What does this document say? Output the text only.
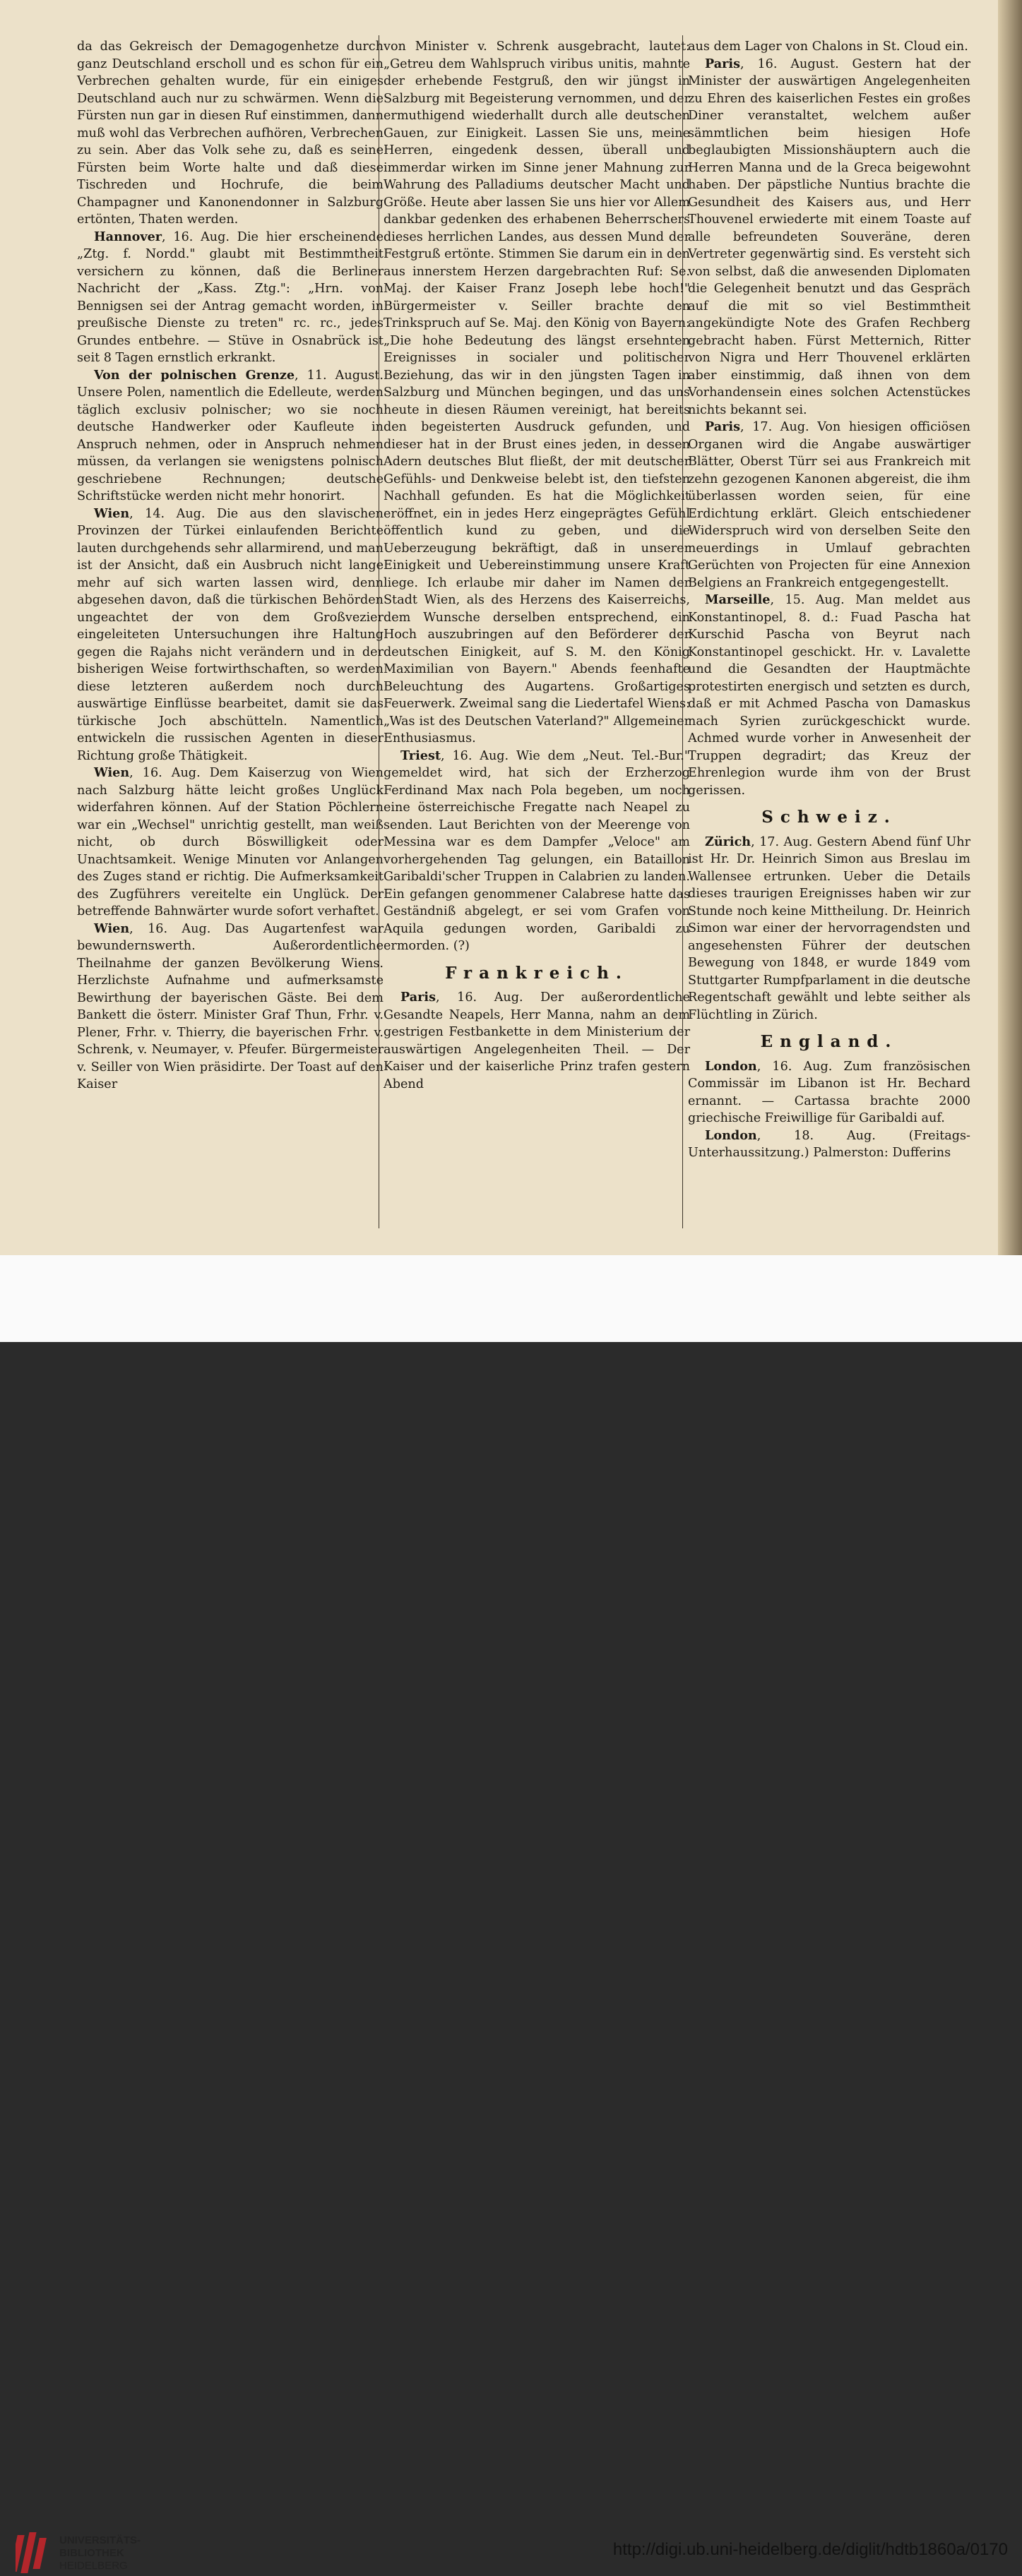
da das Gekreisch der Demagogenhetze durch ganz Deutschland erscholl und es schon für ein Verbrechen gehalten wurde, für ein einiges Deutschland auch nur zu schwärmen. Wenn die Fürsten nun gar in diesen Ruf einstimmen, dann muß wohl das Verbrechen aufhören, Verbrechen zu sein. Aber das Volk sehe zu, daß es seine Fürsten beim Worte halte und daß diese Tischreden und Hochrufe, die beim Champagner und Kanonendonner in Salzburg ertönten, Thaten werden.

Hannover, 16. Aug. Die hier erscheinende „Ztg. f. Nordd." glaubt mit Bestimmtheit versichern zu können, daß die Berliner Nachricht der „Kass. Ztg.": „Hrn. von Bennigsen sei der Antrag gemacht worden, in preußische Dienste zu treten" rc. rc., jedes Grundes entbehre. — Stüve in Osnabrück ist seit 8 Tagen ernstlich erkrankt.

Von der polnischen Grenze, 11. August. Unsere Polen, namentlich die Edelleute, werden täglich exclusiv polnischer; wo sie noch deutsche Handwerker oder Kaufleute in Anspruch nehmen, oder in Anspruch nehmen müssen, da verlangen sie wenigstens polnisch geschriebene Rechnungen; deutsche Schriftstücke werden nicht mehr honorirt.

Wien, 14. Aug. Die aus den slavischen Provinzen der Türkei einlaufenden Berichte lauten durchgehends sehr allarmirend, und man ist der Ansicht, daß ein Ausbruch nicht lange mehr auf sich warten lassen wird, denn abgesehen davon, daß die türkischen Behörden ungeachtet der von dem Großvezier eingeleiteten Untersuchungen ihre Haltung gegen die Rajahs nicht verändern und in der bisherigen Weise fortwirthschaften, so werden diese letzteren außerdem noch durch auswärtige Einflüsse bearbeitet, damit sie das türkische Joch abschütteln. Namentlich entwickeln die russischen Agenten in dieser Richtung große Thätigkeit.

Wien, 16. Aug. Dem Kaiserzug von Wien nach Salzburg hätte leicht großes Unglück widerfahren können. Auf der Station Pöchlern war ein „Wechsel" unrichtig gestellt, man weiß nicht, ob durch Böswilligkeit oder Unachtsamkeit. Wenige Minuten vor Anlangen des Zuges stand er richtig. Die Aufmerksamkeit des Zugführers vereitelte ein Unglück. Der betreffende Bahnwärter wurde sofort verhaftet.

Wien, 16. Aug. Das Augartenfest war bewundernswerth. Außerordentliche Theilnahme der ganzen Bevölkerung Wiens. Herzlichste Aufnahme und aufmerksamste Bewirthung der bayerischen Gäste. Bei dem Bankett die österr. Minister Graf Thun, Frhr. v. Plener, Frhr. v. Thierry, die bayerischen Frhr. v. Schrenk, v. Neumayer, v. Pfeufer. Bürgermeister v. Seiller von Wien präsidirte. Der Toast auf den Kaiser

von Minister v. Schrenk ausgebracht, lautet: „Getreu dem Wahlspruch viribus unitis, mahnte der erhebende Festgruß, den wir jüngst in Salzburg mit Begeisterung vernommen, und der ermuthigend wiederhallt durch alle deutschen Gauen, zur Einigkeit. Lassen Sie uns, meine Herren, eingedenk dessen, überall und immerdar wirken im Sinne jener Mahnung zur Wahrung des Palladiums deutscher Macht und Größe. Heute aber lassen Sie uns hier vor Allem dankbar gedenken des erhabenen Beherrschers dieses herrlichen Landes, aus dessen Mund der Festgruß ertönte. Stimmen Sie darum ein in den aus innerstem Herzen dargebrachten Ruf: Se. Maj. der Kaiser Franz Joseph lebe hoch!" Bürgermeister v. Seiller brachte den Trinkspruch auf Se. Maj. den König von Bayern: „Die hohe Bedeutung des längst ersehnten Ereignisses in socialer und politischer Beziehung, das wir in den jüngsten Tagen in Salzburg und München begingen, und das uns heute in diesen Räumen vereinigt, hat bereits den begeisterten Ausdruck gefunden, und dieser hat in der Brust eines jeden, in dessen Adern deutsches Blut fließt, der mit deutscher Gefühls- und Denkweise belebt ist, den tiefsten Nachhall gefunden. Es hat die Möglichkeit eröffnet, ein in jedes Herz eingeprägtes Gefühl öffentlich kund zu geben, und die Ueberzeugung bekräftigt, daß in unserer Einigkeit und Uebereinstimmung unsere Kraft liege. Ich erlaube mir daher im Namen der Stadt Wien, als des Herzens des Kaiserreichs, dem Wunsche derselben entsprechend, ein Hoch auszubringen auf den Beförderer der deutschen Einigkeit, auf S. M. den König Maximilian von Bayern." Abends feenhafte Beleuchtung des Augartens. Großartiges Feuerwerk. Zweimal sang die Liedertafel Wiens: „Was ist des Deutschen Vaterland?" Allgemeiner Enthusiasmus.

Triest, 16. Aug. Wie dem „Neut. Tel.-Bur." gemeldet wird, hat sich der Erzherzog Ferdinand Max nach Pola begeben, um noch eine österreichische Fregatte nach Neapel zu senden. Laut Berichten von der Meerenge von Messina war es dem Dampfer „Veloce" am vorhergehenden Tag gelungen, ein Bataillon Garibaldi'scher Truppen in Calabrien zu landen. Ein gefangen genommener Calabrese hatte das Geständniß abgelegt, er sei vom Grafen von Aquila gedungen worden, Garibaldi zu ermorden. (?)

Frankreich.

Paris, 16. Aug. Der außerordentliche Gesandte Neapels, Herr Manna, nahm an dem gestrigen Festbankette in dem Ministerium der auswärtigen Angelegenheiten Theil. — Der Kaiser und der kaiserliche Prinz trafen gestern Abend

aus dem Lager von Chalons in St. Cloud ein.

Paris, 16. August. Gestern hat der Minister der auswärtigen Angelegenheiten zu Ehren des kaiserlichen Festes ein großes Diner veranstaltet, welchem außer sämmtlichen beim hiesigen Hofe beglaubigten Missionshäuptern auch die Herren Manna und de la Greca beigewohnt haben. Der päpstliche Nuntius brachte die Gesundheit des Kaisers aus, und Herr Thouvenel erwiederte mit einem Toaste auf alle befreundeten Souveräne, deren Vertreter gegenwärtig sind. Es versteht sich von selbst, daß die anwesenden Diplomaten die Gelegenheit benutzt und das Gespräch auf die mit so viel Bestimmtheit angekündigte Note des Grafen Rechberg gebracht haben. Fürst Metternich, Ritter von Nigra und Herr Thouvenel erklärten aber einstimmig, daß ihnen von dem Vorhandensein eines solchen Actenstückes nichts bekannt sei.

Paris, 17. Aug. Von hiesigen officiösen Organen wird die Angabe auswärtiger Blätter, Oberst Türr sei aus Frankreich mit zehn gezogenen Kanonen abgereist, die ihm überlassen worden seien, für eine Erdichtung erklärt. Gleich entschiedener Widerspruch wird von derselben Seite den neuerdings in Umlauf gebrachten Gerüchten von Projecten für eine Annexion Belgiens an Frankreich entgegengestellt.

Marseille, 15. Aug. Man meldet aus Konstantinopel, 8. d.: Fuad Pascha hat Kurschid Pascha von Beyrut nach Konstantinopel geschickt. Hr. v. Lavalette und die Gesandten der Hauptmächte protestirten energisch und setzten es durch, daß er mit Achmed Pascha von Damaskus nach Syrien zurückgeschickt wurde. Achmed wurde vorher in Anwesenheit der Truppen degradirt; das Kreuz der Ehrenlegion wurde ihm von der Brust gerissen.

Schweiz.

Zürich, 17. Aug. Gestern Abend fünf Uhr ist Hr. Dr. Heinrich Simon aus Breslau im Wallensee ertrunken. Ueber die Details dieses traurigen Ereignisses haben wir zur Stunde noch keine Mittheilung. Dr. Heinrich Simon war einer der hervorragendsten und angesehensten Führer der deutschen Bewegung von 1848, er wurde 1849 vom Stuttgarter Rumpfparlament in die deutsche Regentschaft gewählt und lebte seither als Flüchtling in Zürich.

England.

London, 16. Aug. Zum französischen Commissär im Libanon ist Hr. Bechard ernannt. — Cartassa brachte 2000 griechische Freiwillige für Garibaldi auf.

London, 18. Aug. (Freitags-Unterhaussitzung.) Palmerston: Dufferins

UNIVERSITÄTS-
BIBLIOTHEK
HEIDELBERG
http://digi.ub.uni-heidelberg.de/diglit/hdtb1860a/0170
